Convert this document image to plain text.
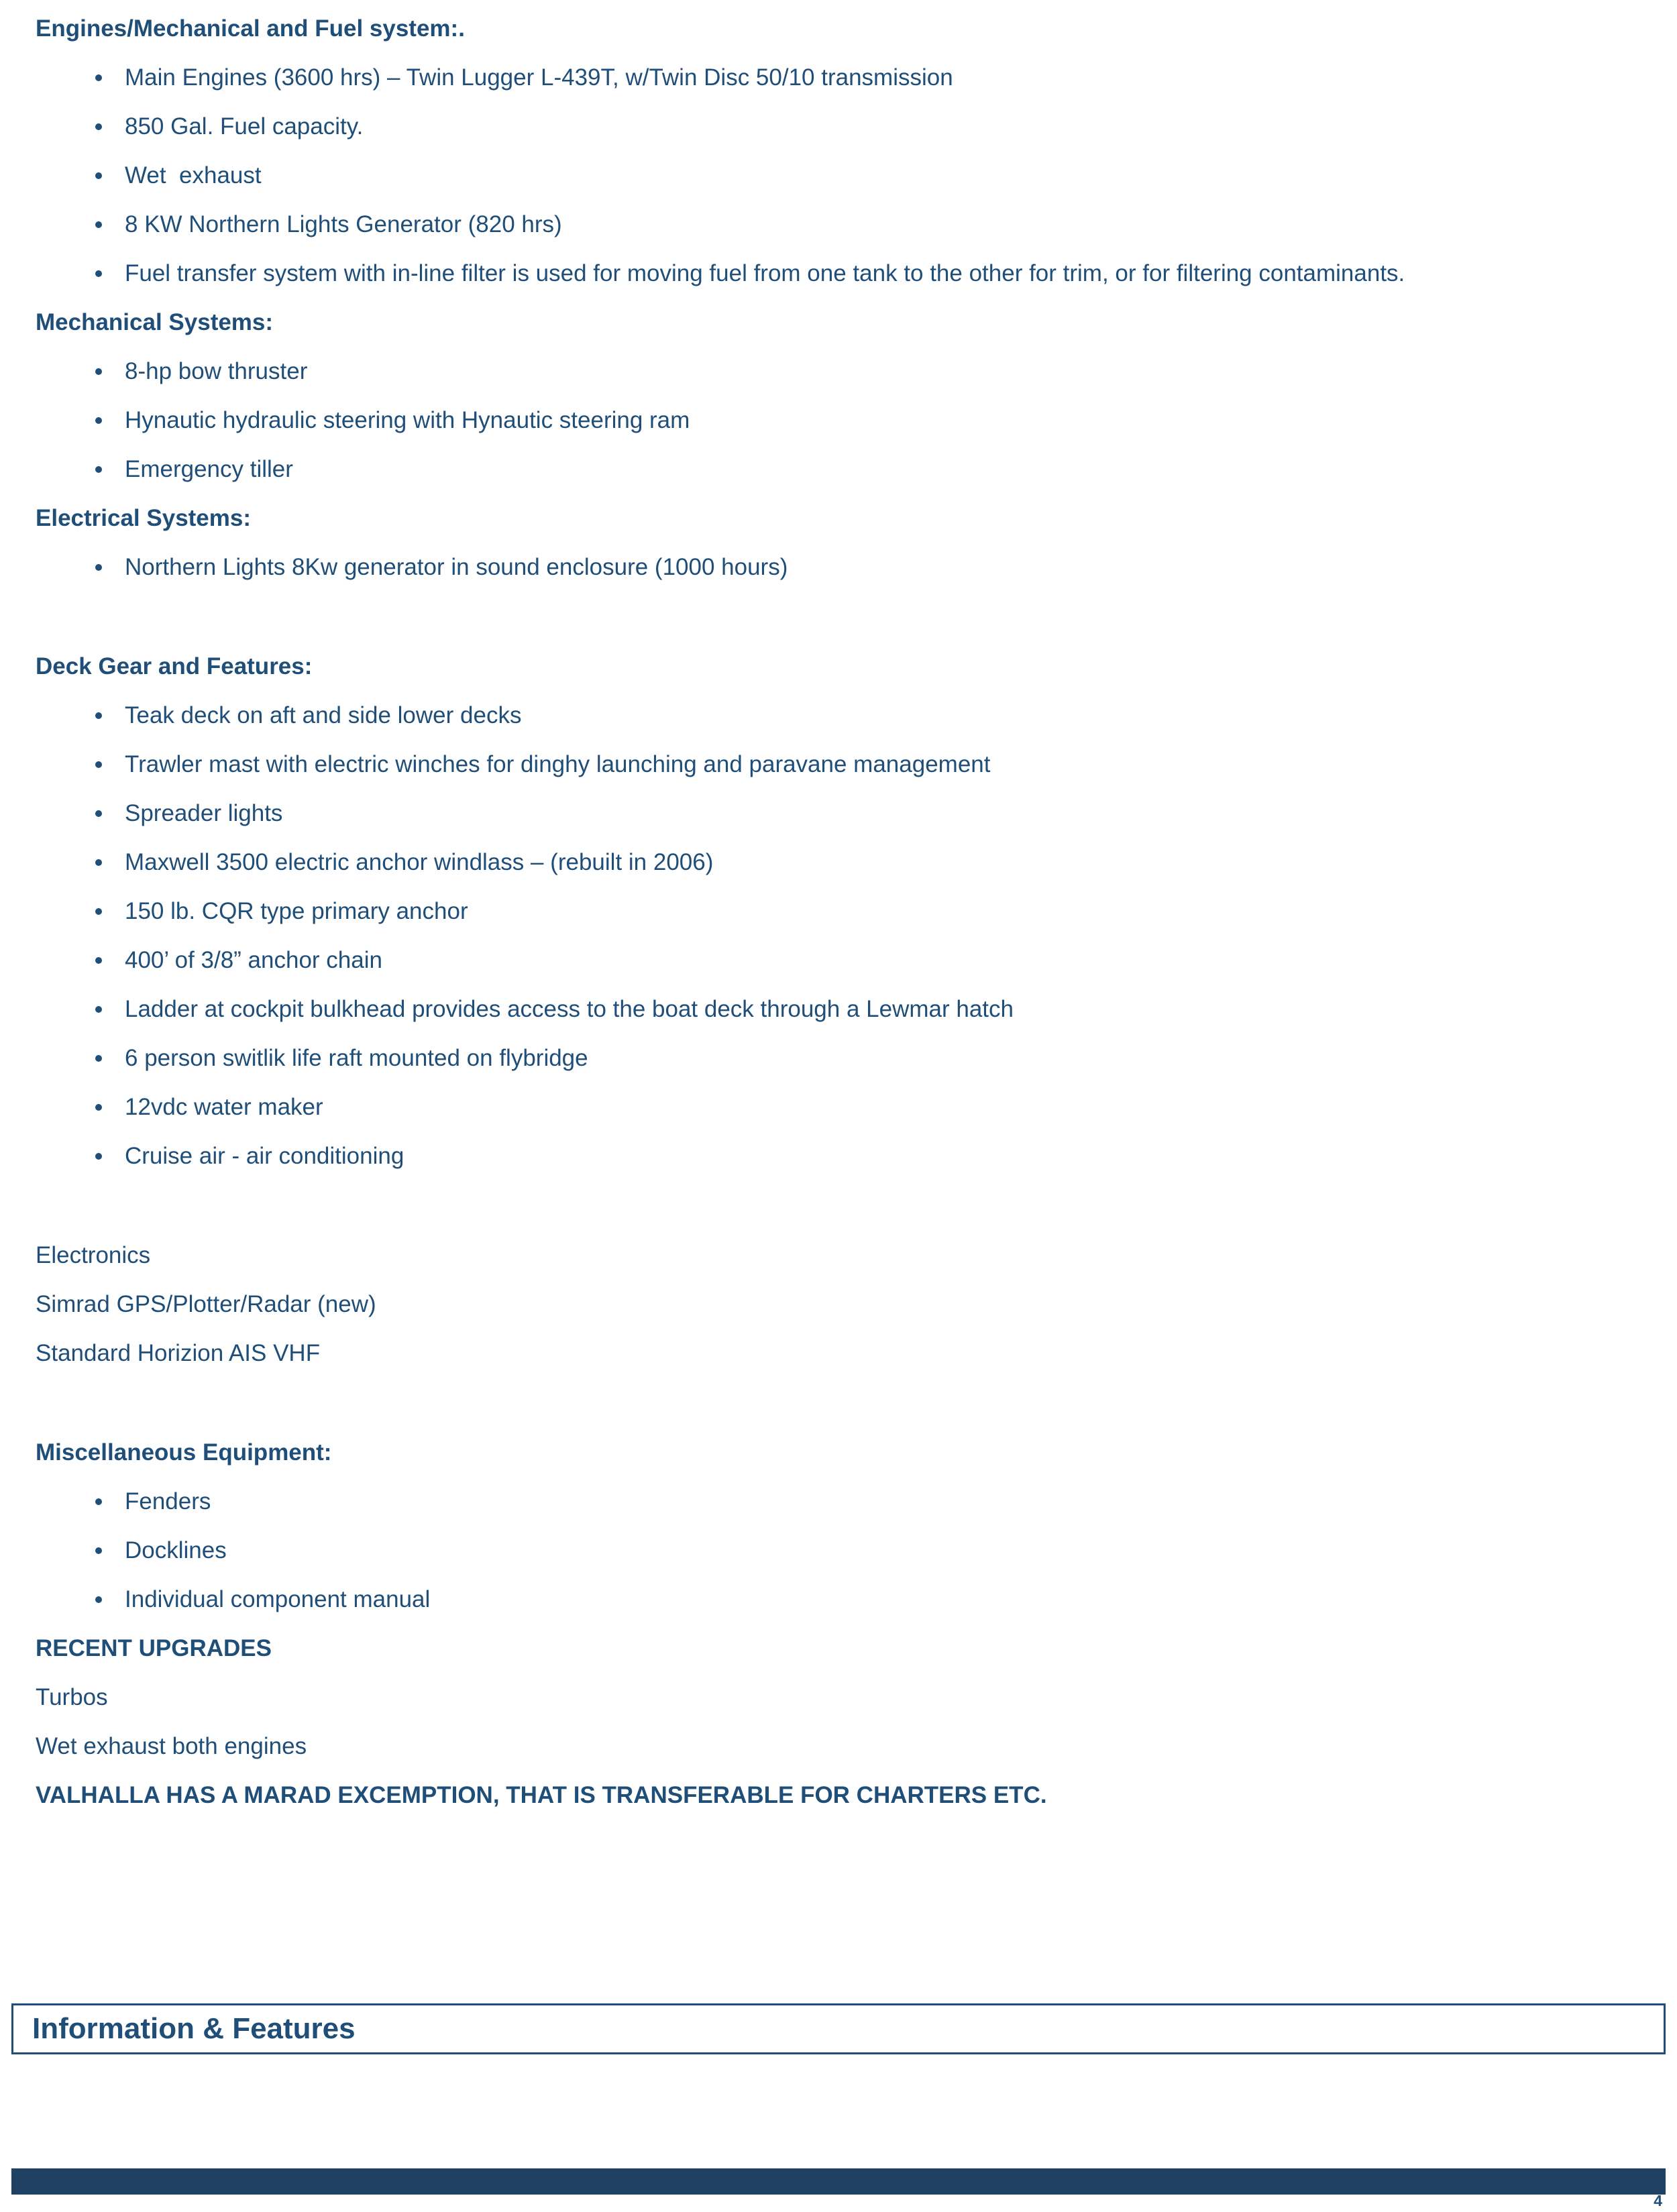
Engines/Mechanical and Fuel system:.
Main Engines (3600 hrs) – Twin Lugger L-439T, w/Twin Disc 50/10 transmission
850 Gal. Fuel capacity.
Wet  exhaust
8 KW Northern Lights Generator (820 hrs)
Fuel transfer system with in-line filter is used for moving fuel from one tank to the other for trim, or for filtering contaminants.
Mechanical Systems:
8-hp bow thruster
Hynautic hydraulic steering with Hynautic steering ram
Emergency tiller
Electrical Systems:
Northern Lights 8Kw generator in sound enclosure (1000 hours)
Deck Gear and Features:
Teak deck on aft and side lower decks
Trawler mast with electric winches for dinghy launching and paravane management
Spreader lights
Maxwell 3500 electric anchor windlass – (rebuilt in 2006)
150 lb. CQR type primary anchor
400’ of 3/8” anchor chain
Ladder at cockpit bulkhead provides access to the boat deck through a Lewmar hatch
6 person switlik life raft mounted on flybridge
12vdc water maker
Cruise air - air conditioning
Electronics
Simrad GPS/Plotter/Radar (new)
Standard Horizion AIS VHF
Miscellaneous Equipment:
Fenders
Docklines
Individual component manual
RECENT UPGRADES
Turbos
Wet exhaust both engines
VALHALLA HAS A MARAD EXCEMPTION, THAT IS TRANSFERABLE FOR CHARTERS ETC.
Information & Features
4
